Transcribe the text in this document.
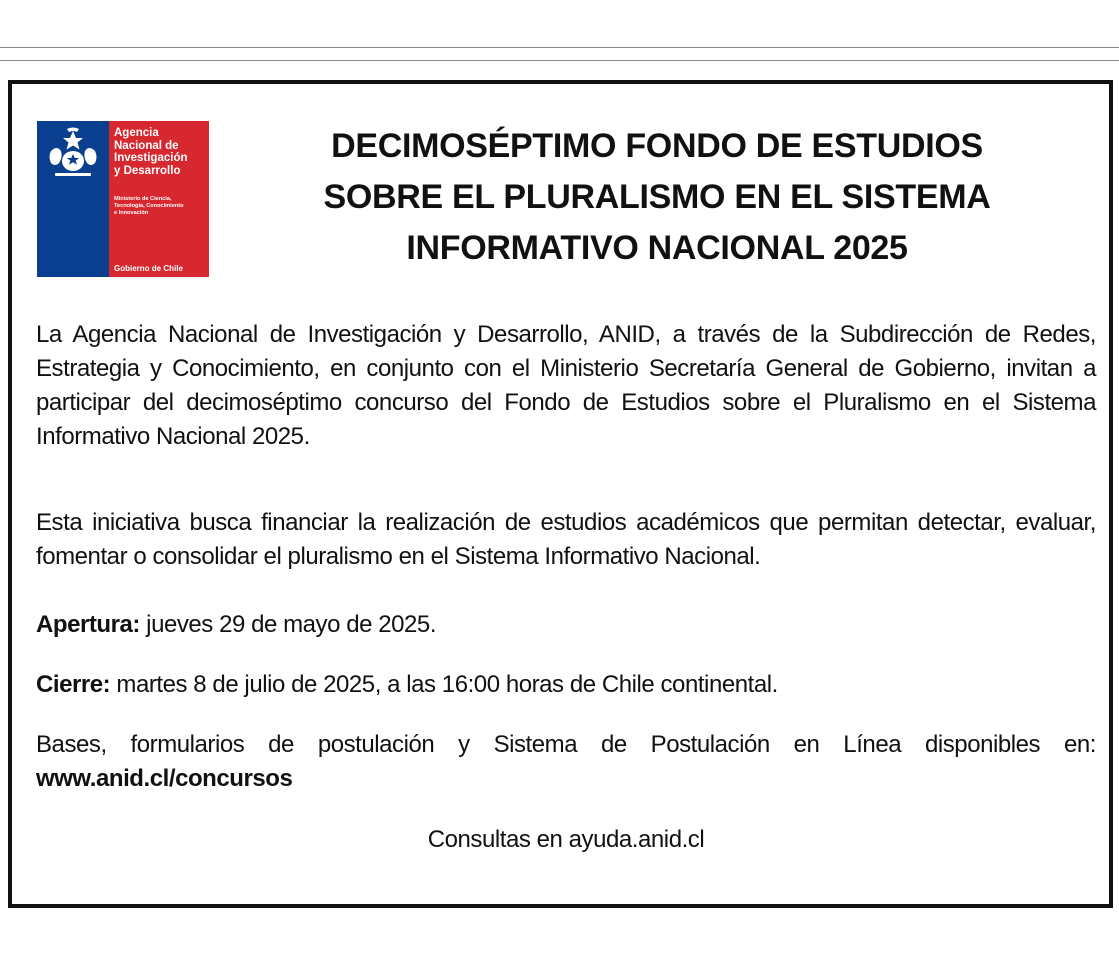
Agencia
Nacional de
Investigación
y Desarrollo
Ministerio de Ciencia,
Tecnología, Conocimiento
e Innovación
Gobierno de Chile
DECIMOSÉPTIMO FONDO DE ESTUDIOS
SOBRE EL PLURALISMO EN EL SISTEMA
INFORMATIVO NACIONAL 2025

La Agencia Nacional de Investigación y Desarrollo, ANID, a través de la Subdirección de Redes, Estrategia y Conocimiento, en conjunto con el Ministerio Secretaría General de Gobierno, invitan a participar del decimoséptimo concurso del Fondo de Estudios sobre el Pluralismo en el Sistema Informativo Nacional 2025.

Esta iniciativa busca financiar la realización de estudios académicos que permitan detectar, evaluar, fomentar o consolidar el pluralismo en el Sistema Informativo Nacional.

Apertura: jueves 29 de mayo de 2025.

Cierre: martes 8 de julio de 2025, a las 16:00 horas de Chile continental.

Bases, formularios de postulación y Sistema de Postulación en Línea disponibles en:
www.anid.cl/concursos

Consultas en ayuda.anid.cl
